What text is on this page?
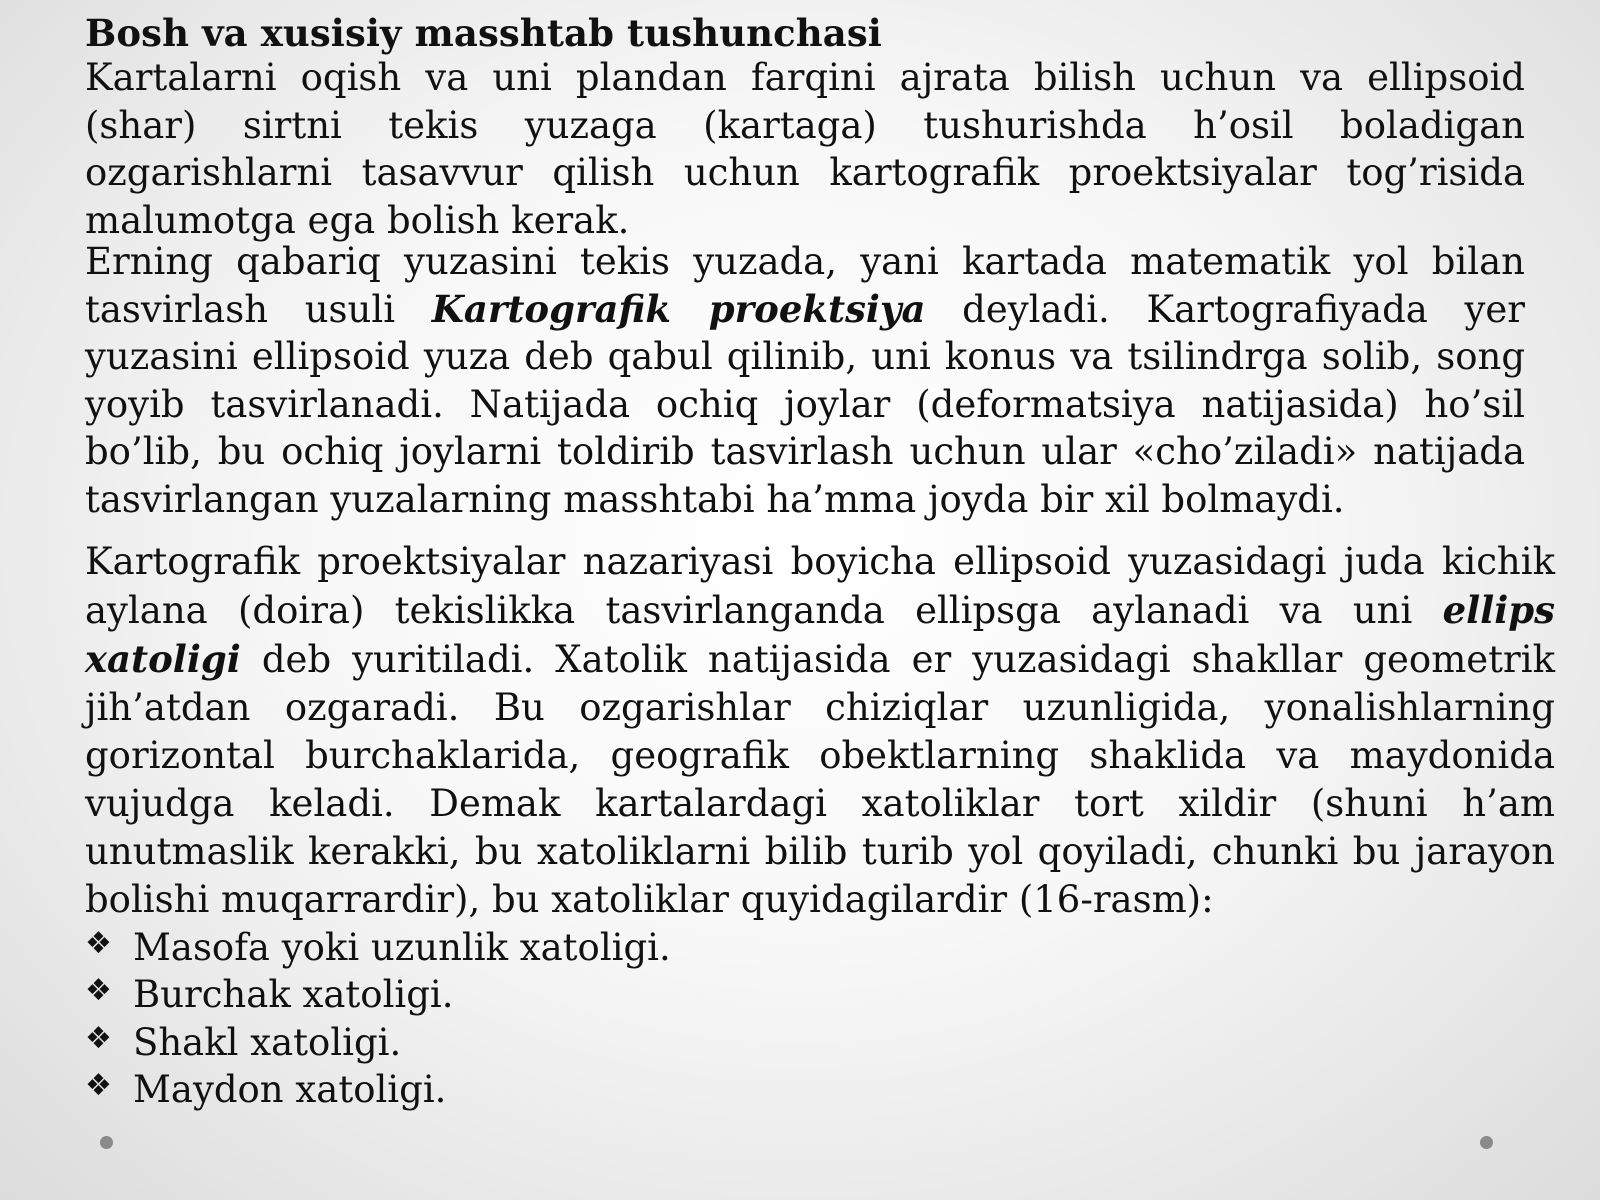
Bosh va xusisiy masshtab tushunchasi

Kartalarni oqish va uni plandan farqini ajrata bilish uchun va ellipsoid (shar) sirtni tekis yuzaga (kartaga) tushurishda h’osil boladigan ozgarishlarni tasavvur qilish uchun kartografik proektsiyalar tog’risida malumotga ega bolish kerak.

Erning qabariq yuzasini tekis yuzada, yani kartada matematik yol bilan tasvirlash usuli Kartografik proektsiya deyladi. Kartografiyada yer yuzasini ellipsoid yuza deb qabul qilinib, uni konus va tsilindrga solib, song yoyib tasvirlanadi. Natijada ochiq joylar (deformatsiya natijasida) ho’sil bo’lib, bu ochiq joylarni toldirib tasvirlash uchun ular «cho’ziladi» natijada tasvirlangan yuzalarning masshtabi ha’mma joyda bir xil bolmaydi.

Kartografik proektsiyalar nazariyasi boyicha ellipsoid yuzasidagi juda kichik aylana (doira) tekislikka tasvirlanganda ellipsga aylanadi va uni ellips xatoligi deb yuritiladi. Xatolik natijasida er yuzasidagi shakllar geometrik jih’atdan ozgaradi. Bu ozgarishlar chiziqlar uzunligida, yonalishlarning gorizontal burchaklarida, geografik obektlarning shaklida va maydonida vujudga keladi. Demak kartalardagi xatoliklar tort xildir (shuni h’am unutmaslik kerakki, bu xatoliklarni bilib turib yol qoyiladi, chunki bu jarayon bolishi muqarrardir), bu xatoliklar quyidagilardir (16-rasm):

❖ Masofa yoki uzunlik xatoligi.
❖ Burchak xatoligi.
❖ Shakl xatoligi.
❖ Maydon xatoligi.
